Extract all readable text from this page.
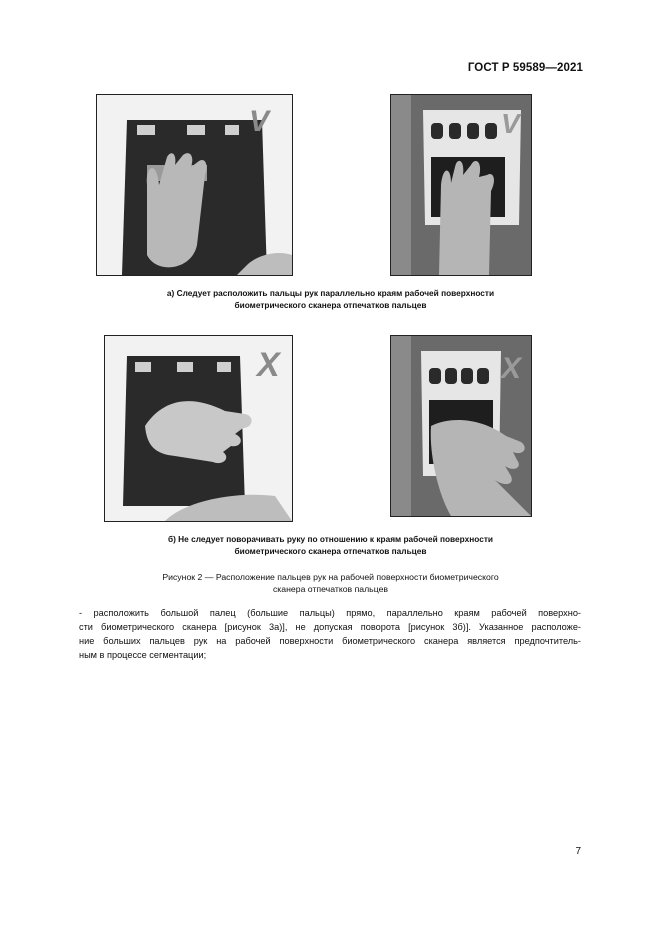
ГОСТ Р 59589—2021
V	V
а) Следует расположить пальцы рук параллельно краям рабочей поверхности
биометрического сканера отпечатков пальцев
X	X
б) Не следует поворачивать руку по отношению к краям рабочей поверхности
биометрического сканера отпечатков пальцев
Рисунок 2 — Расположение пальцев рук на рабочей поверхности биометрического
сканера отпечатков пальцев
- расположить большой палец (большие пальцы) прямо, параллельно краям рабочей поверхно-
сти биометрического сканера [рисунок 3а)], не допуская поворота [рисунок 3б)]. Указанное расположе-
ние больших пальцев рук на рабочей поверхности биометрического сканера является предпочтитель-
ным в процессе сегментации;
7
